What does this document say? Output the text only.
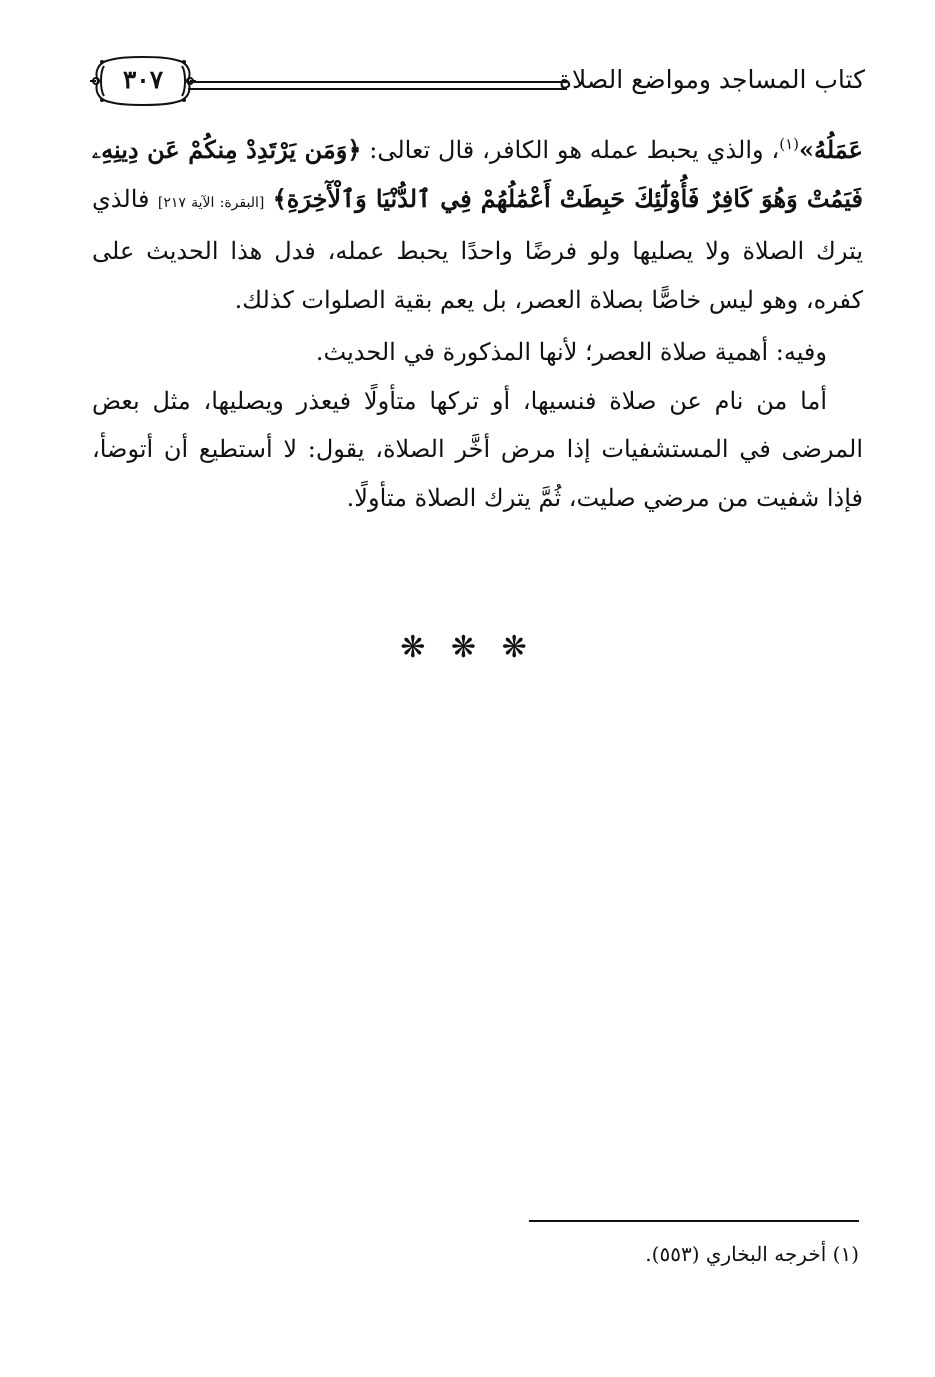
٣٠٧	كتاب المساجد ومواضع الصلاة

عَمَلُهُ»$^{(١)}$، والذي يحبط عمله هو الكافر، قال تعالى: ﴿وَمَن يَرْتَدِدْ مِنكُمْ عَن دِينِهِۦ فَيَمُتْ وَهُوَ كَافِرٌ فَأُوْلَٰٓئِكَ حَبِطَتْ أَعْمَٰلُهُمْ فِي ٱلدُّنْيَا وَٱلْأٓخِرَةِ﴾ [البقرة: الآية ٢١٧] فالذي يترك الصلاة ولا يصليها ولو فرضًا واحدًا يحبط عمله، فدل هذا الحديث على كفره، وهو ليس خاصًّا بصلاة العصر، بل يعم بقية الصلوات كذلك.

وفيه: أهمية صلاة العصر؛ لأنها المذكورة في الحديث.

أما من نام عن صلاة فنسيها، أو تركها متأولًا فيعذر ويصليها، مثل بعض المرضى في المستشفيات إذا مرض أخَّر الصلاة، يقول: لا أستطيع أن أتوضأ، فإذا شفيت من مرضي صليت، ثُمَّ يترك الصلاة متأولًا.

❋ ❋ ❋
(١) أخرجه البخاري (٥٥٣).
